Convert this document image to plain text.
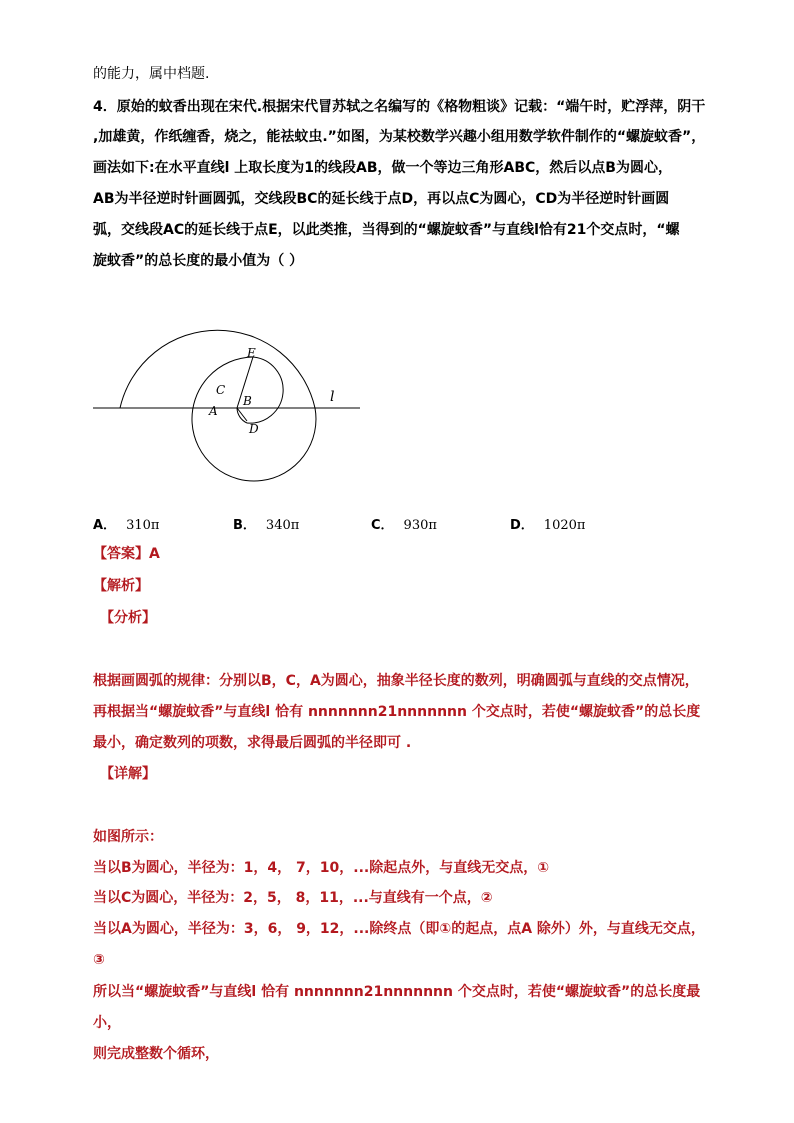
的能力，属中档题.
4．原始的蚊香出现在宋代.根据宋代冒苏轼之名编写的《格物粗谈》记载：“端午时，贮浮萍，阴干
,加雄黄，作纸缠香，烧之，能祛蚊虫.”如图，为某校数学兴趣小组用数学软件制作的“螺旋蚊香”，
画法如下:在水平直线l 上取长度为1的线段AB，做一个等边三角形ABC，然后以点B为圆心，
AB为半径逆时针画圆弧，交线段BC的延长线于点D，再以点C为圆心，CD为半径逆时针画圆
弧，交线段AC的延长线于点E，以此类推，当得到的“螺旋蚊香”与直线l恰有21个交点时，“螺
旋蚊香”的总长度的最小值为（ ）
E
C
B
A
D
l
A． 310π	B． 340π	C． 930π	D． 1020π
【答案】A
【解析】
【分析】
根据画圆弧的规律：分别以B，C，A为圆心，抽象半径长度的数列，明确圆弧与直线的交点情况，
再根据当“螺旋蚊香”与直线l 恰有 nnnnnnn21nnnnnnn 个交点时，若使“螺旋蚊香”的总长度
最小，确定数列的项数，求得最后圆弧的半径即可 .
【详解】
如图所示：
当以B为圆心，半径为：1，4， 7，10，...除起点外，与直线无交点，①
当以C为圆心，半径为：2，5， 8，11，...与直线有一个点，②
当以A为圆心，半径为：3，6， 9，12，...除终点（即①的起点，点A 除外）外，与直线无交点，
③
所以当“螺旋蚊香”与直线l 恰有 nnnnnnn21nnnnnnn 个交点时，若使“螺旋蚊香”的总长度最
小，
则完成整数个循环，
